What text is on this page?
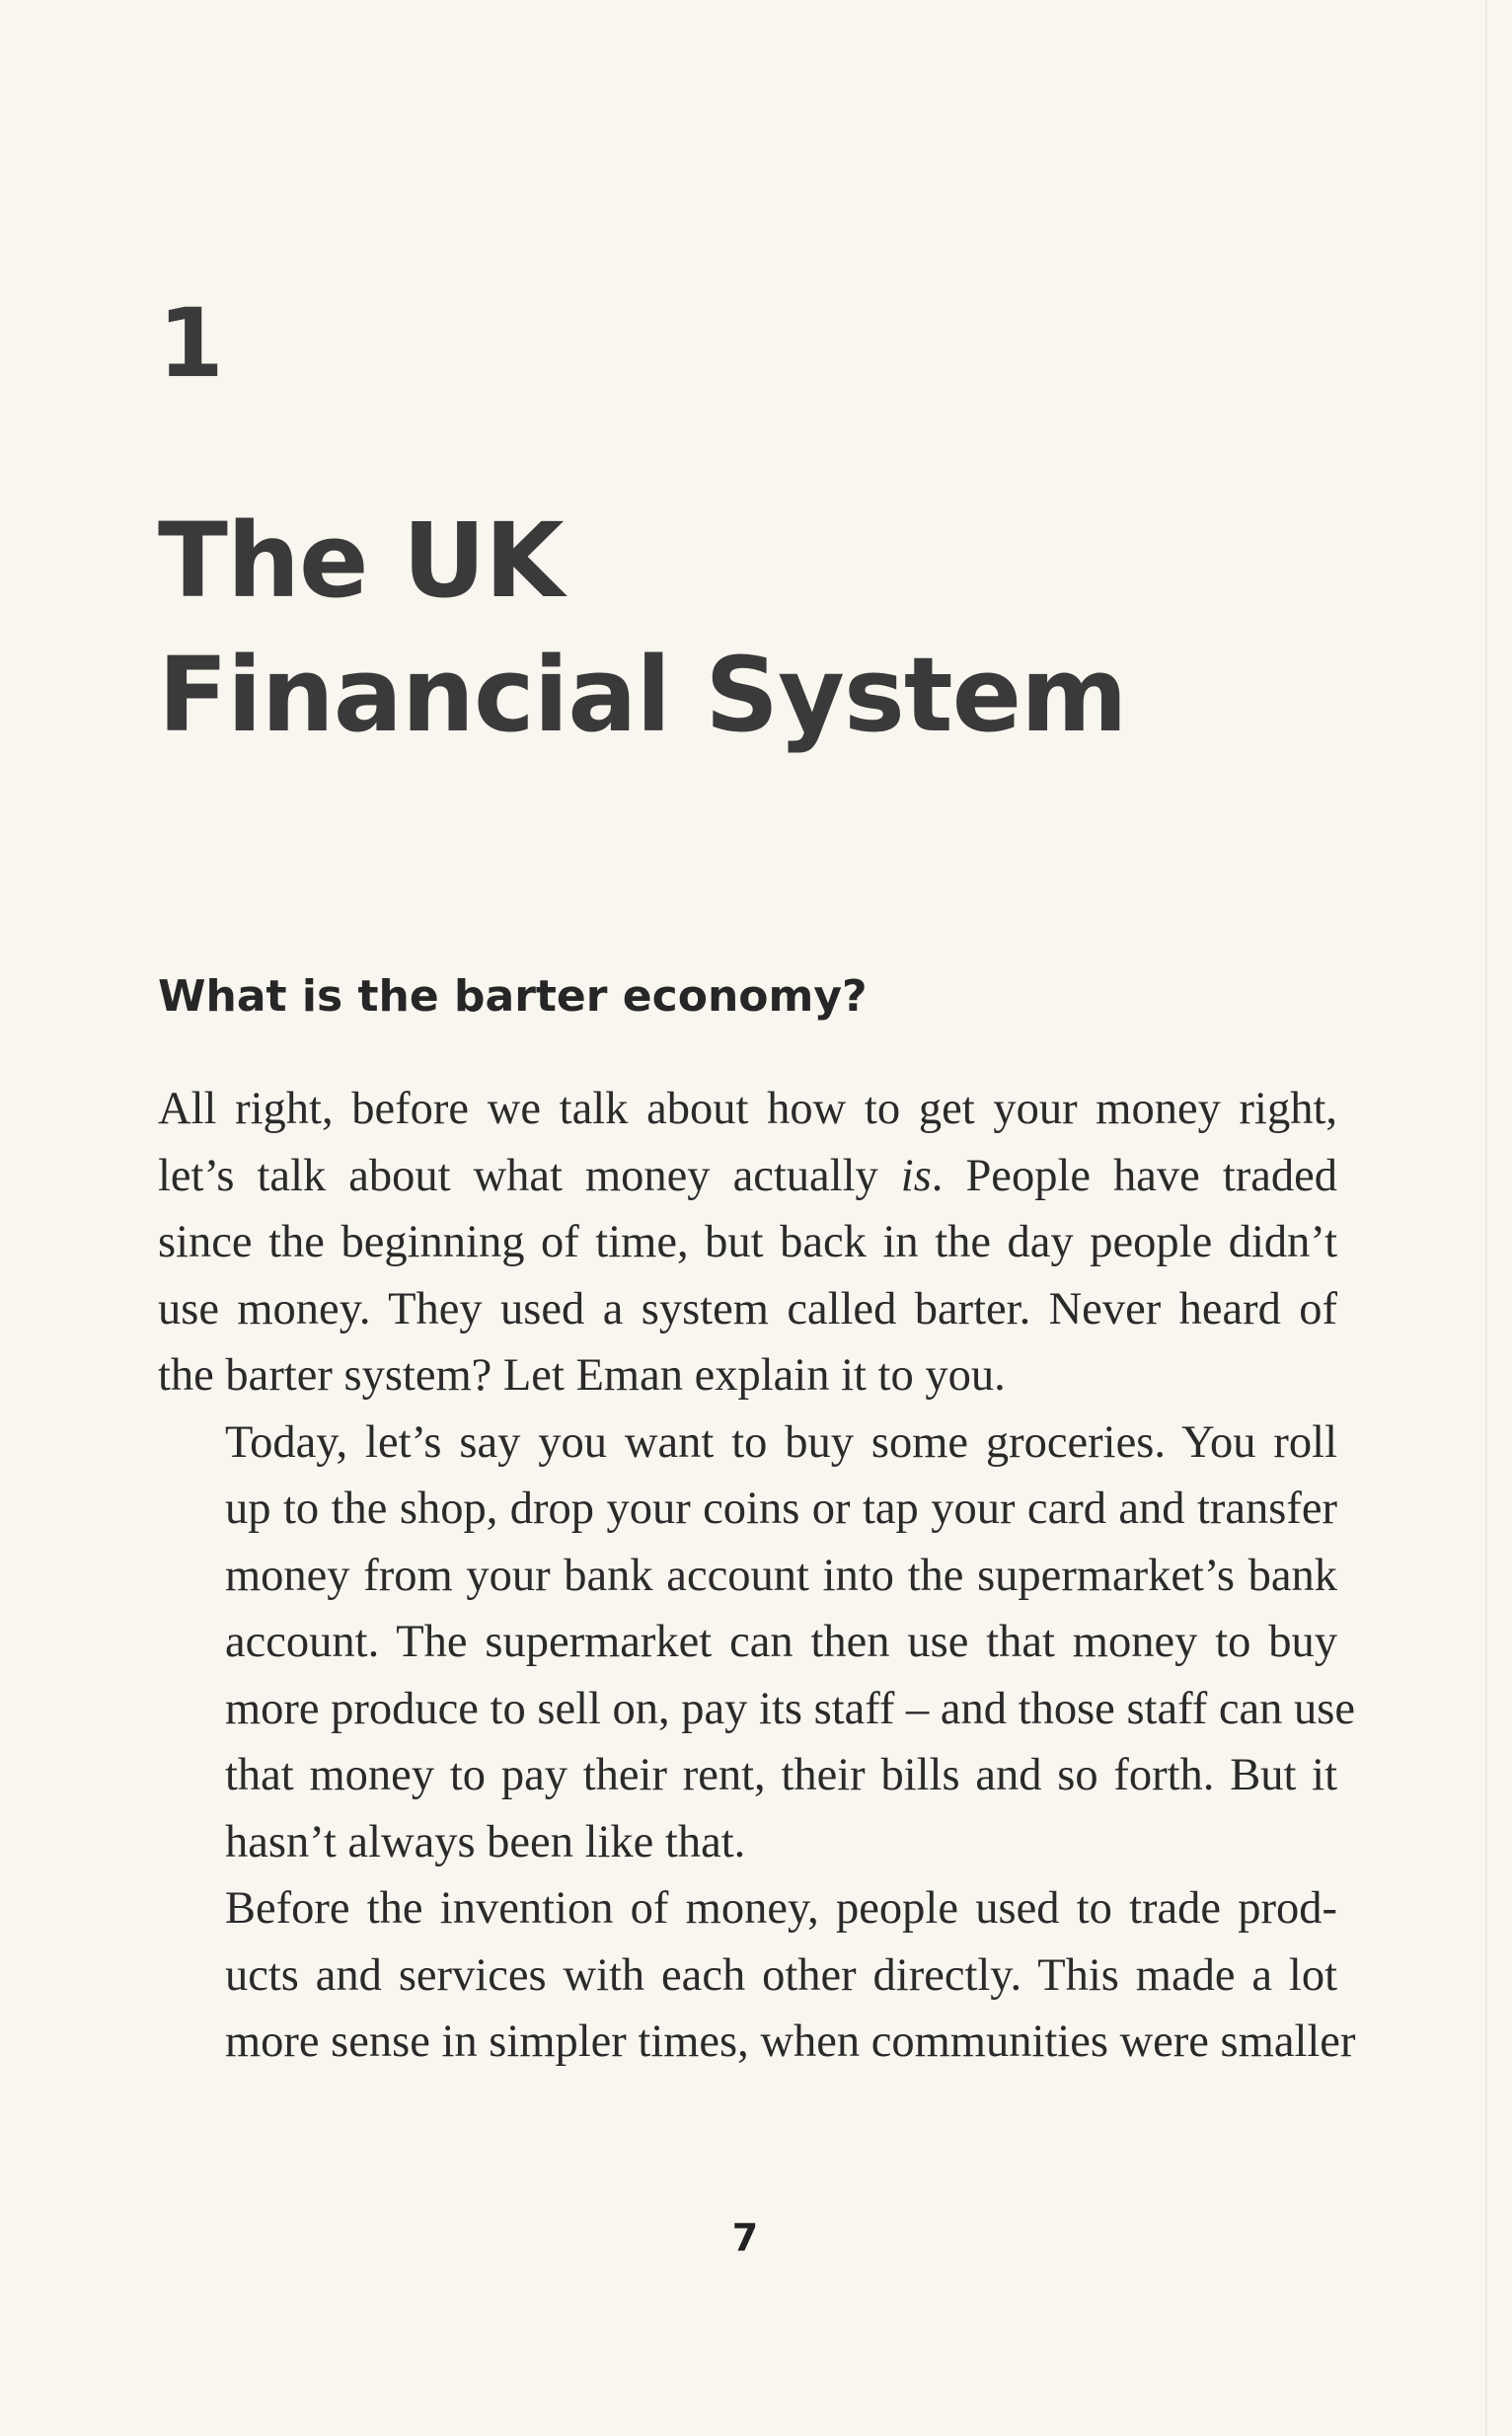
1
The UK
Financial System
What is the barter economy?

All right, before we talk about how to get your money right,
let’s talk about what money actually is. People have traded
since the beginning of time, but back in the day people didn’t
use money. They used a system called barter. Never heard of
the barter system? Let Eman explain it to you.

Today, let’s say you want to buy some groceries. You roll
up to the shop, drop your coins or tap your card and transfer
money from your bank account into the supermarket’s bank
account. The supermarket can then use that money to buy
more produce to sell on, pay its staff – and those staff can use
that money to pay their rent, their bills and so forth. But it
hasn’t always been like that.

Before the invention of money, people used to trade prod-
ucts and services with each other directly. This made a lot
more sense in simpler times, when communities were smaller

7
